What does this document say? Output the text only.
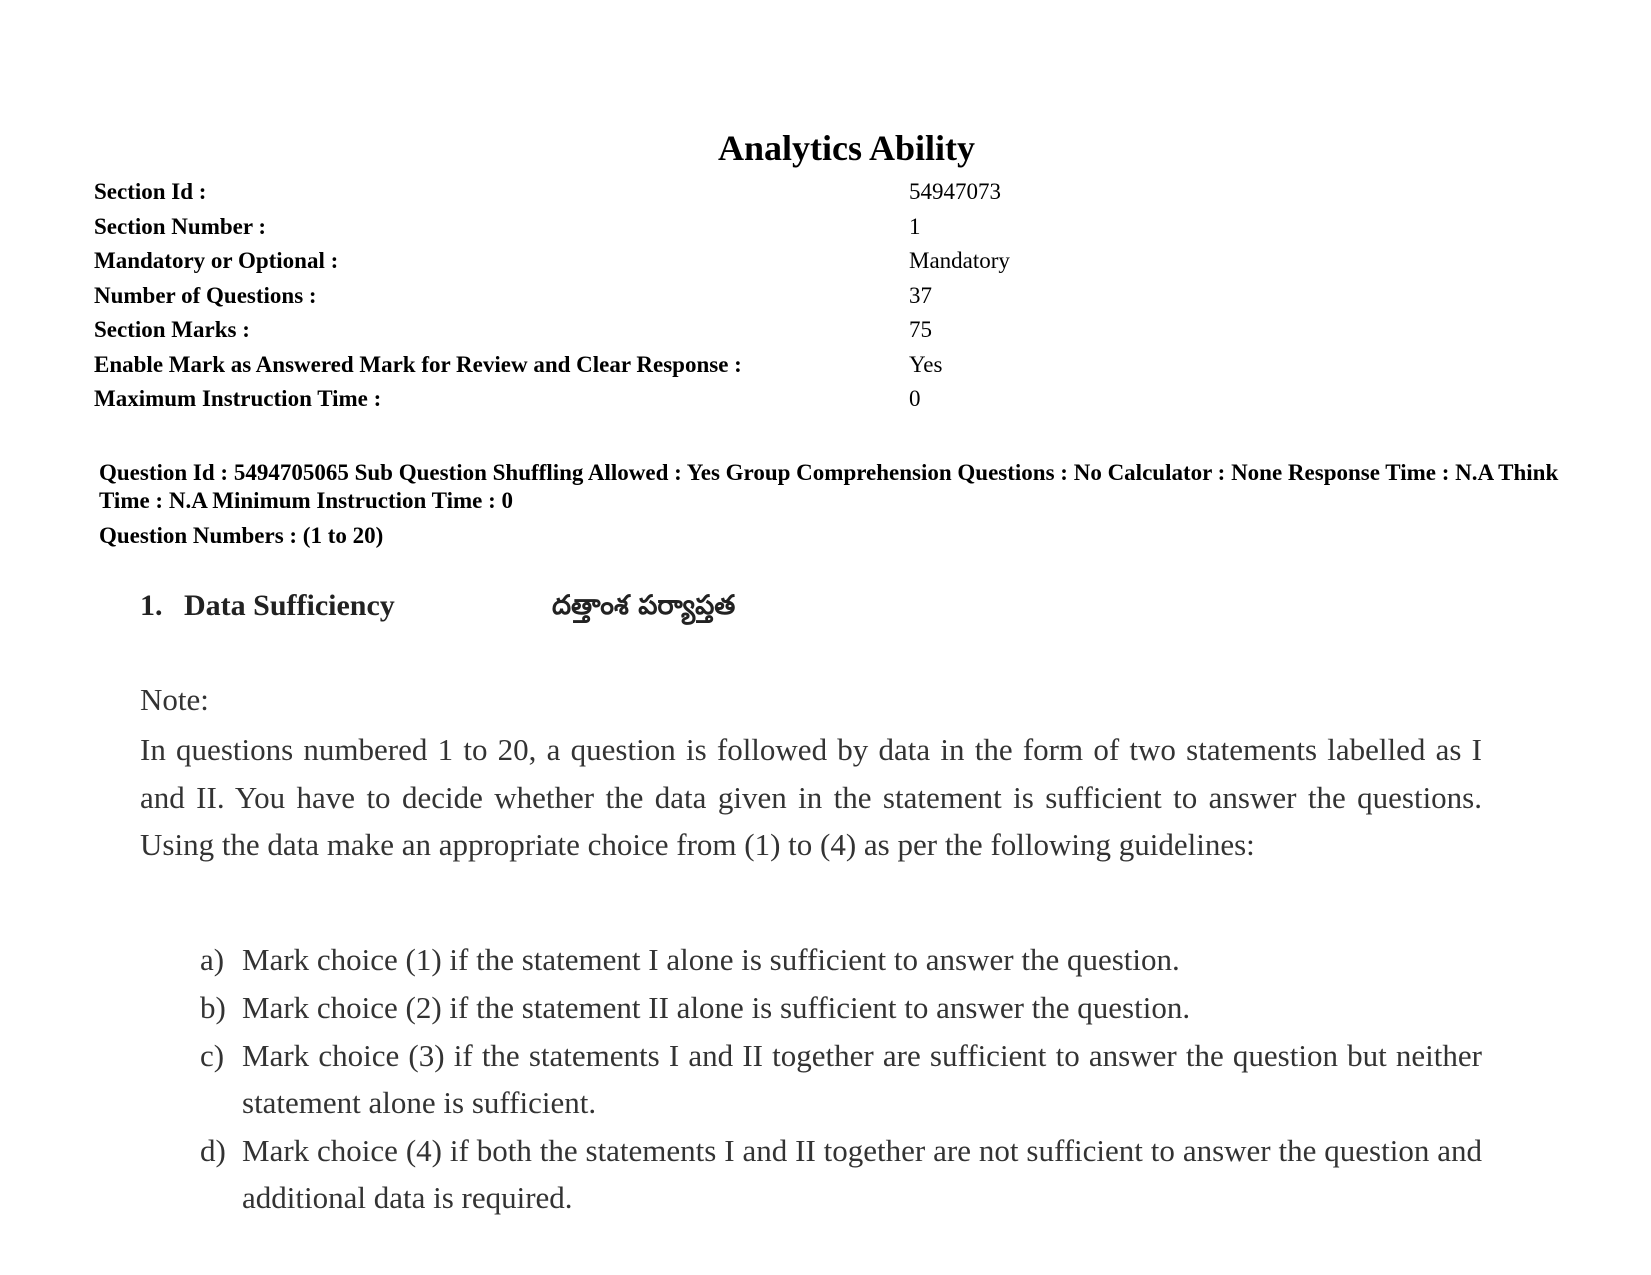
Analytics Ability
Section Id :	54947073
Section Number :	1
Mandatory or Optional :	Mandatory
Number of Questions :	37
Section Marks :	75
Enable Mark as Answered Mark for Review and Clear Response :	Yes
Maximum Instruction Time :	0
Question Id : 5494705065 Sub Question Shuffling Allowed : Yes Group Comprehension Questions : No Calculator : None Response Time : N.A Think Time : N.A Minimum Instruction Time : 0
Question Numbers : (1 to 20)
1. Data Sufficiency	దత్తాంశ పర్యాప్తత
Note:
In questions numbered 1 to 20, a question is followed by data in the form of two statements labelled as I and II. You have to decide whether the data given in the statement is sufficient to answer the questions. Using the data make an appropriate choice from (1) to (4) as per the following guidelines:
a) Mark choice (1) if the statement I alone is sufficient to answer the question.
b) Mark choice (2) if the statement II alone is sufficient to answer the question.
c) Mark choice (3) if the statements I and II together are sufficient to answer the question but neither statement alone is sufficient.
d) Mark choice (4) if both the statements I and II together are not sufficient to answer the question and additional data is required.
